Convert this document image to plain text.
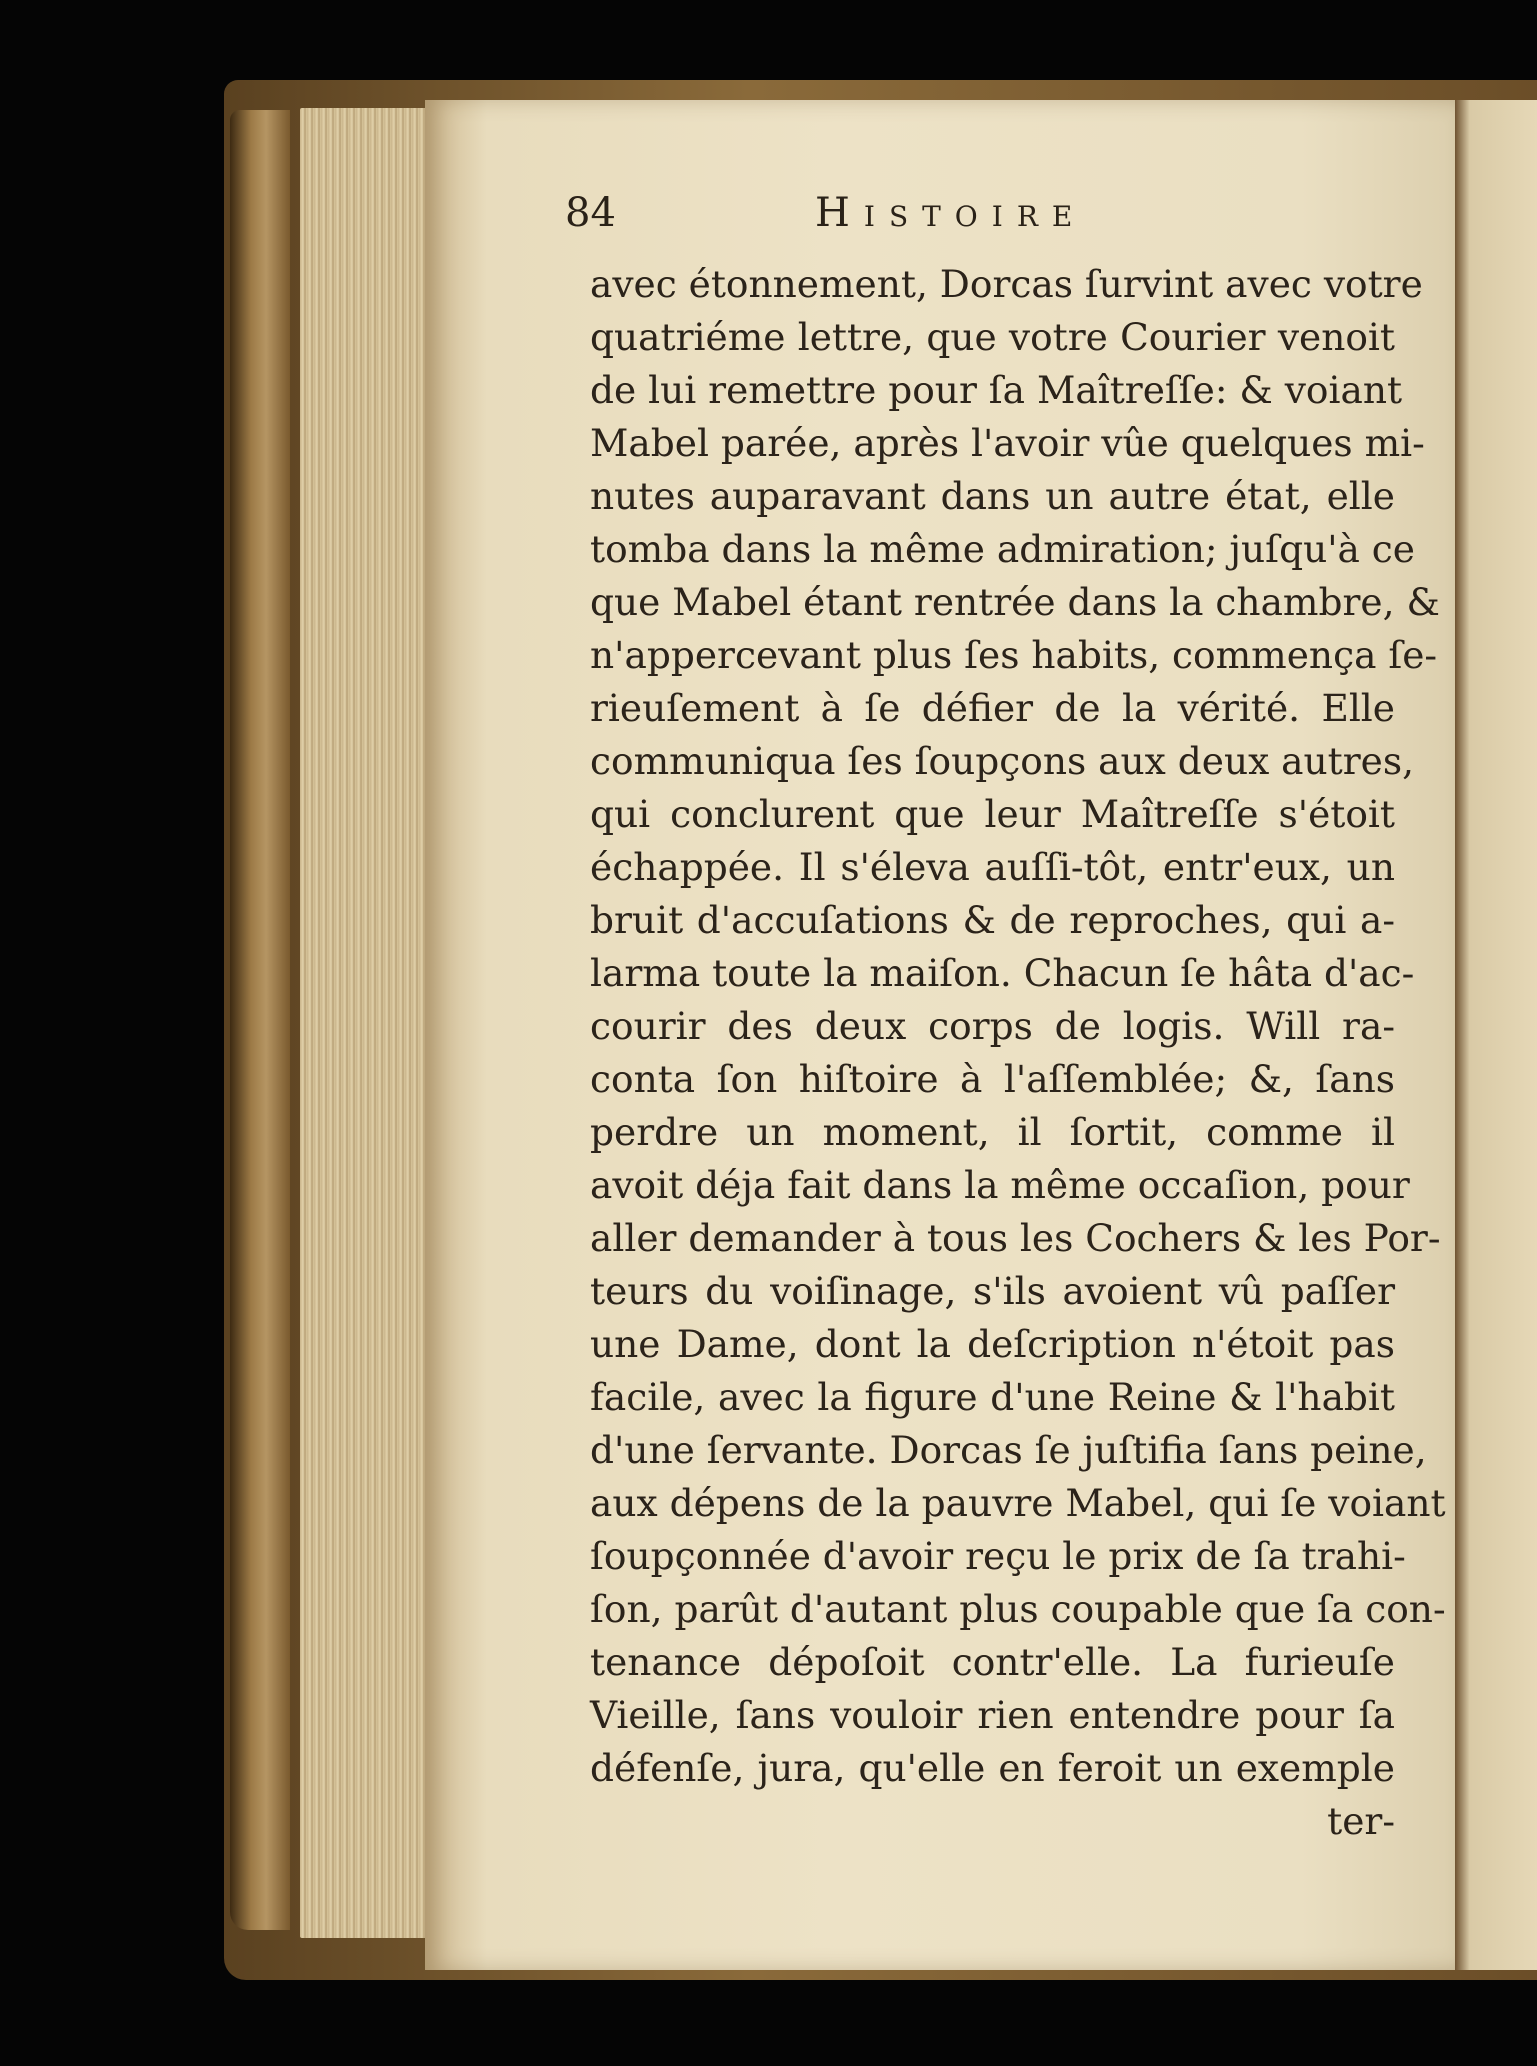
84	Histoire
avec étonnement, Dorcas ſurvint avec votre
quatriéme lettre, que votre Courier venoit
de lui remettre pour ſa Maîtreſſe: & voiant
Mabel parée, après l'avoir vûe quelques mi-
nutes auparavant dans un autre état, elle
tomba dans la même admiration; juſqu'à ce
que Mabel étant rentrée dans la chambre, &
n'appercevant plus ſes habits, commença ſe-
rieuſement à ſe défier de la vérité. Elle
communiqua ſes ſoupçons aux deux autres,
qui conclurent que leur Maîtreſſe s'étoit
échappée. Il s'éleva auſſi-tôt, entr'eux, un
bruit d'accuſations & de reproches, qui a-
larma toute la maiſon. Chacun ſe hâta d'ac-
courir des deux corps de logis. Will ra-
conta ſon hiſtoire à l'aſſemblée; &, ſans
perdre un moment, il ſortit, comme il
avoit déja fait dans la même occaſion, pour
aller demander à tous les Cochers & les Por-
teurs du voiſinage, s'ils avoient vû paſſer
une Dame, dont la deſcription n'étoit pas
facile, avec la figure d'une Reine & l'habit
d'une ſervante. Dorcas ſe juſtifia ſans peine,
aux dépens de la pauvre Mabel, qui ſe voiant
ſoupçonnée d'avoir reçu le prix de ſa trahi-
ſon, parût d'autant plus coupable que ſa con-
tenance dépoſoit contr'elle. La furieuſe
Vieille, ſans vouloir rien entendre pour ſa
défenſe, jura, qu'elle en feroit un exemple
ter-
